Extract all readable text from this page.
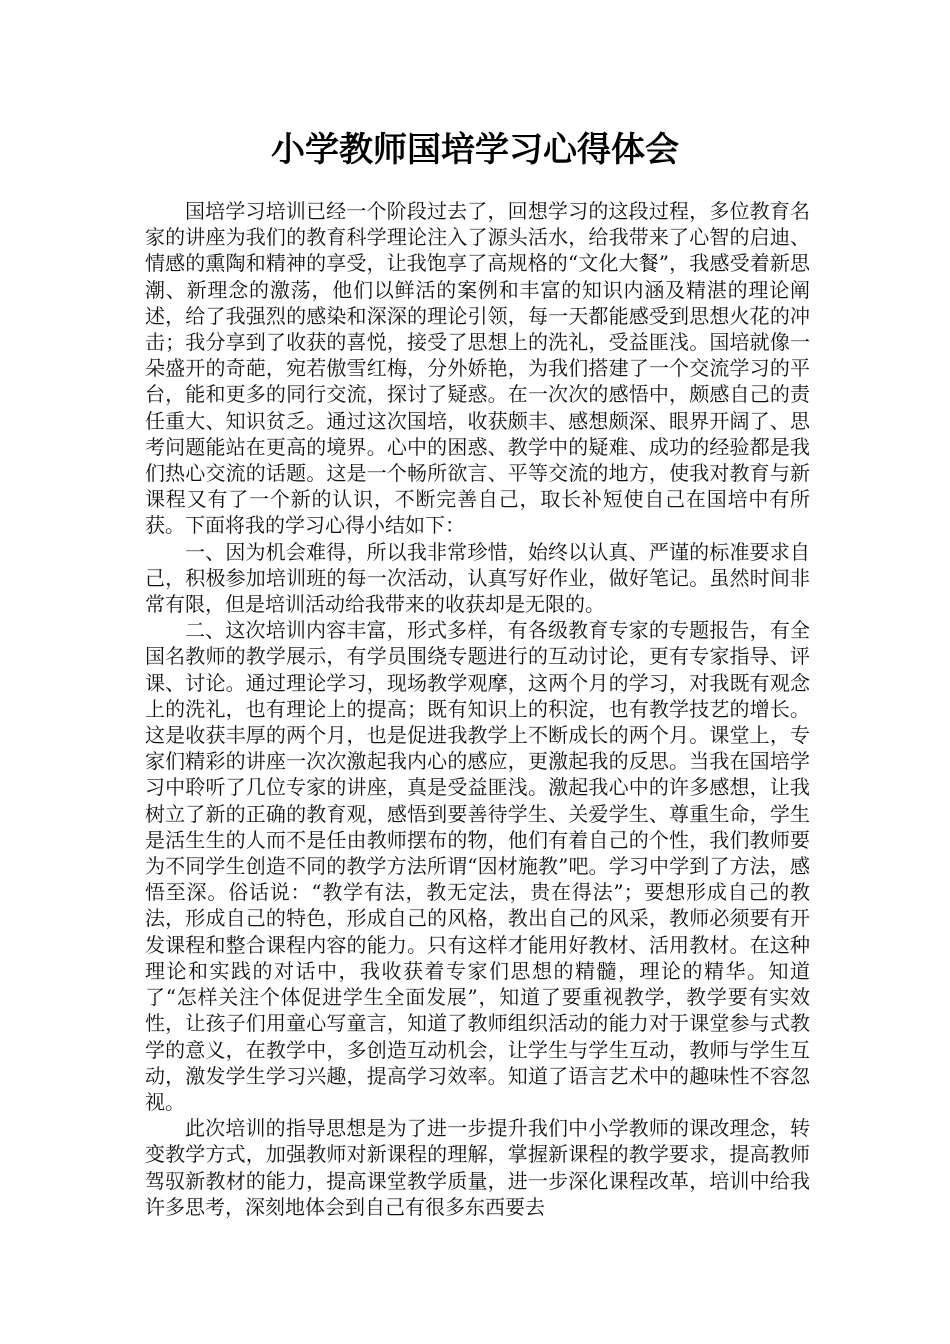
小学教师国培学习心得体会

国培学习培训已经一个阶段过去了，回想学习的这段过程，多位教育名家的讲座为我们的教育科学理论注入了源头活水，给我带来了心智的启迪、情感的熏陶和精神的享受，让我饱享了高规格的“文化大餐”，我感受着新思潮、新理念的激荡，他们以鲜活的案例和丰富的知识内涵及精湛的理论阐述，给了我强烈的感染和深深的理论引领，每一天都能感受到思想火花的冲击；我分享到了收获的喜悦，接受了思想上的洗礼，受益匪浅。国培就像一朵盛开的奇葩，宛若傲雪红梅，分外娇艳，为我们搭建了一个交流学习的平台，能和更多的同行交流，探讨了疑惑。在一次次的感悟中，颇感自己的责任重大、知识贫乏。通过这次国培，收获颇丰、感想颇深、眼界开阔了、思考问题能站在更高的境界。心中的困惑、教学中的疑难、成功的经验都是我们热心交流的话题。这是一个畅所欲言、平等交流的地方，使我对教育与新课程又有了一个新的认识，不断完善自己，取长补短使自己在国培中有所获。下面将我的学习心得小结如下：

一、因为机会难得，所以我非常珍惜，始终以认真、严谨的标准要求自己，积极参加培训班的每一次活动，认真写好作业，做好笔记。虽然时间非常有限，但是培训活动给我带来的收获却是无限的。

二、这次培训内容丰富，形式多样，有各级教育专家的专题报告，有全国名教师的教学展示，有学员围绕专题进行的互动讨论，更有专家指导、评课、讨论。通过理论学习，现场教学观摩，这两个月的学习，对我既有观念上的洗礼，也有理论上的提高；既有知识上的积淀，也有教学技艺的增长。这是收获丰厚的两个月，也是促进我教学上不断成长的两个月。课堂上，专家们精彩的讲座一次次激起我内心的感应，更激起我的反思。当我在国培学习中聆听了几位专家的讲座，真是受益匪浅。激起我心中的许多感想，让我树立了新的正确的教育观，感悟到要善待学生、关爱学生、尊重生命，学生是活生生的人而不是任由教师摆布的物，他们有着自己的个性，我们教师要为不同学生创造不同的教学方法所谓“因材施教”吧。学习中学到了方法，感悟至深。俗话说：“教学有法，教无定法，贵在得法”；要想形成自己的教法，形成自己的特色，形成自己的风格，教出自己的风采，教师必须要有开发课程和整合课程内容的能力。只有这样才能用好教材、活用教材。在这种理论和实践的对话中，我收获着专家们思想的精髓，理论的精华。知道了“怎样关注个体促进学生全面发展”，知道了要重视教学，教学要有实效性，让孩子们用童心写童言，知道了教师组织活动的能力对于课堂参与式教学的意义，在教学中，多创造互动机会，让学生与学生互动，教师与学生互动，激发学生学习兴趣，提高学习效率。知道了语言艺术中的趣味性不容忽视。

此次培训的指导思想是为了进一步提升我们中小学教师的课改理念，转变教学方式，加强教师对新课程的理解，掌握新课程的教学要求，提高教师驾驭新教材的能力，提高课堂教学质量，进一步深化课程改革，培训中给我许多思考，深刻地体会到自己有很多东西要去
